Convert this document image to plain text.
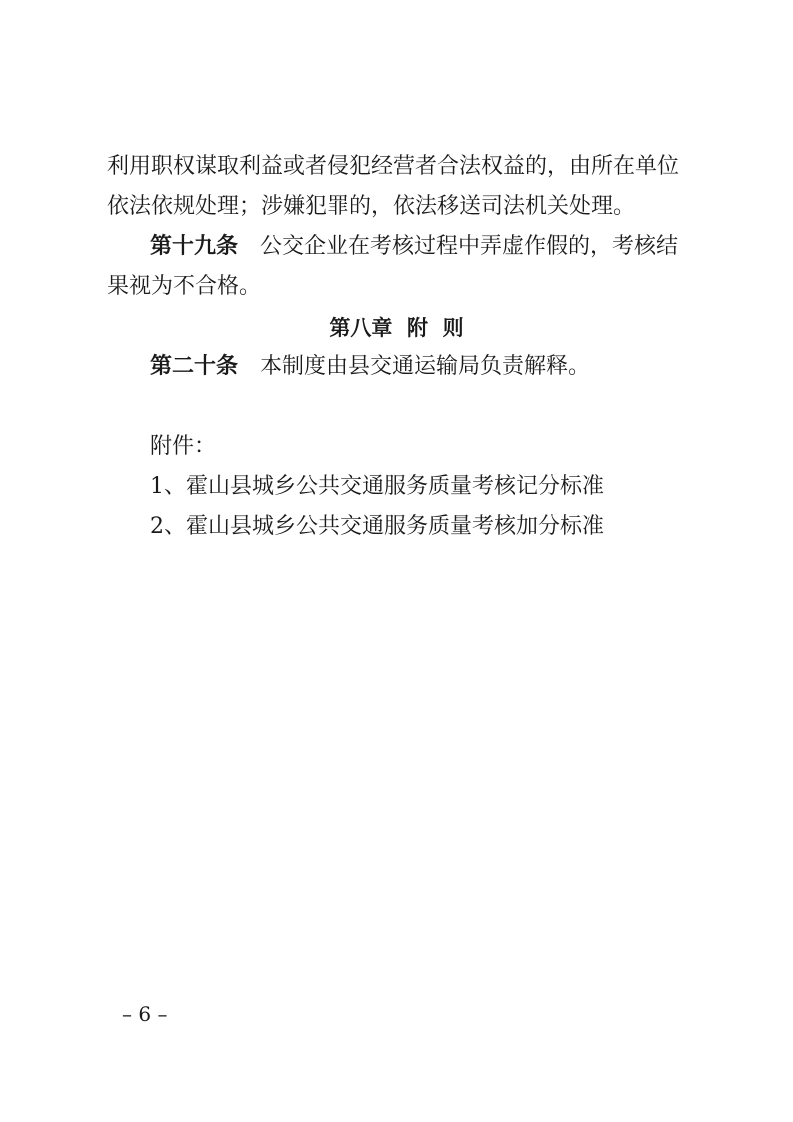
利用职权谋取利益或者侵犯经营者合法权益的，由所在单位
依法依规处理；涉嫌犯罪的，依法移送司法机关处理。
第十九条 公交企业在考核过程中弄虚作假的，考核结
果视为不合格。
第八章  附  则
第二十条 本制度由县交通运输局负责解释。
附件：
1、霍山县城乡公共交通服务质量考核记分标准
2、霍山县城乡公共交通服务质量考核加分标准
– 6 –
